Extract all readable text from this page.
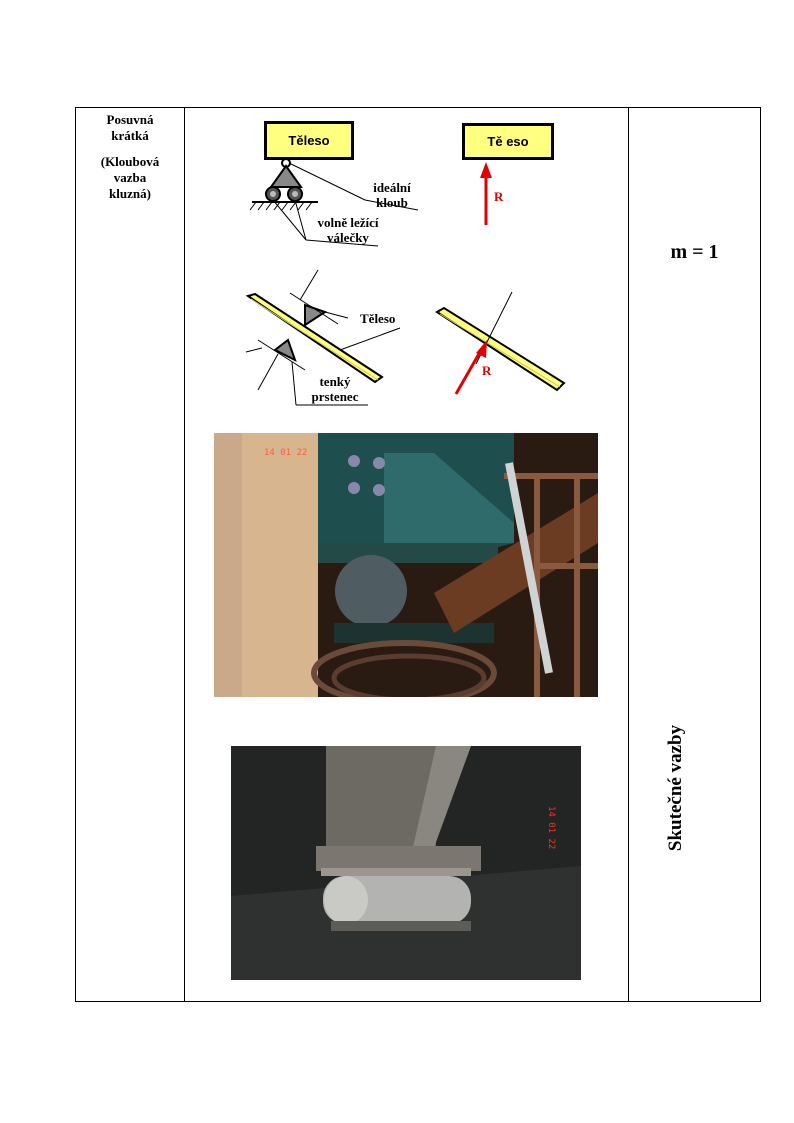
Posuvná
krátká
(Kloubová
vazba
kluzná)
m = 1
Skutečné vazby
Těleso	Tě eso
ideální
kloub
volně ležící
válečky
R
Těleso
tenký
prstenec
R
14 01 22
14 01 22
